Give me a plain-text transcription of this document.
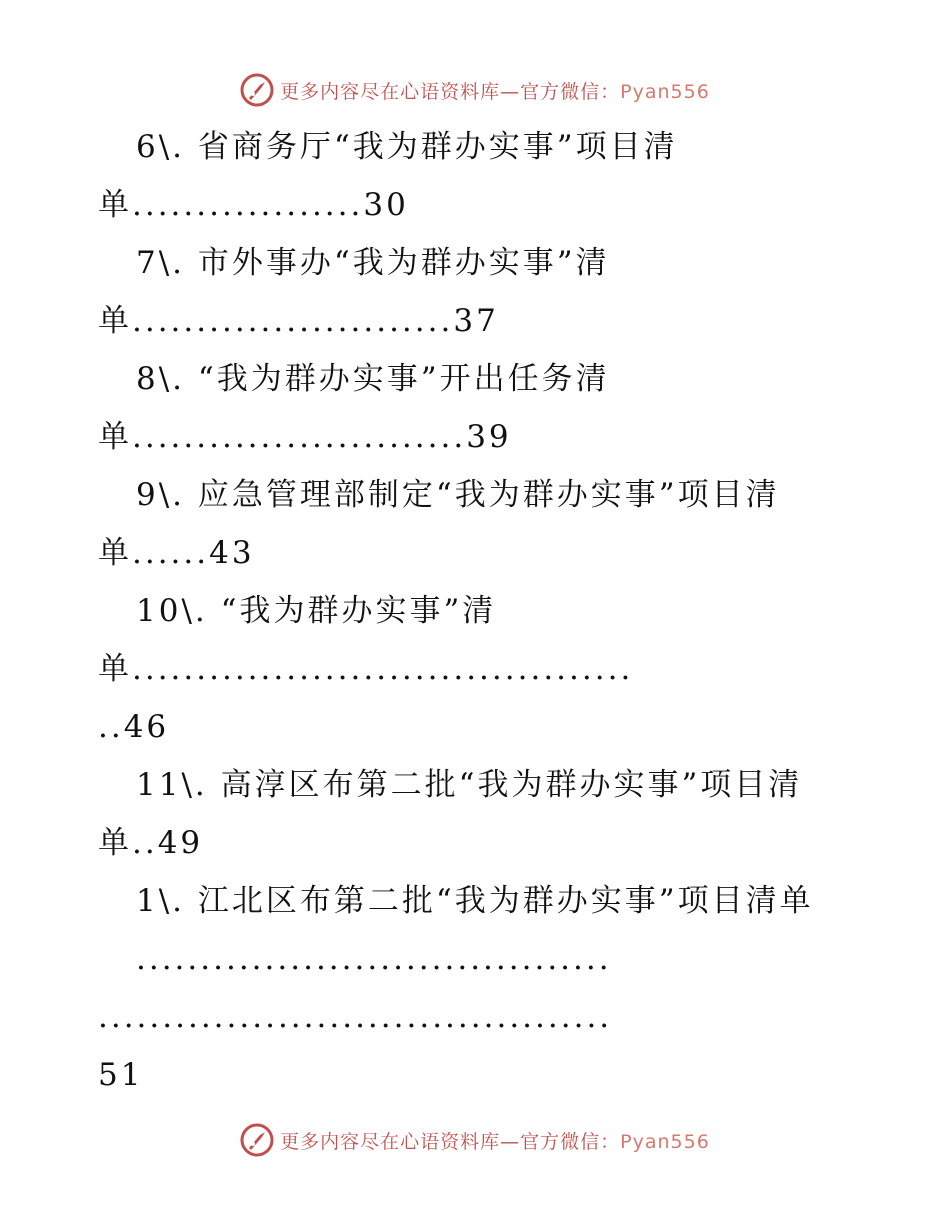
更多内容尽在心语资料库—官方微信：Pyan556
6\. 省商务厅“我为群办实事”项目清
单..................30
7\. 市外事办“我为群办实事”清
单.........................37
8\. “我为群办实事”开出任务清
单..........................39
9\. 应急管理部制定“我为群办实事”项目清
单......43
10\. “我为群办实事”清
单.......................................
..46
11\. 高淳区布第二批“我为群办实事”项目清
单..49
1\. 江北区布第二批“我为群办实事”项目清单
.....................................
........................................
51
更多内容尽在心语资料库—官方微信：Pyan556
